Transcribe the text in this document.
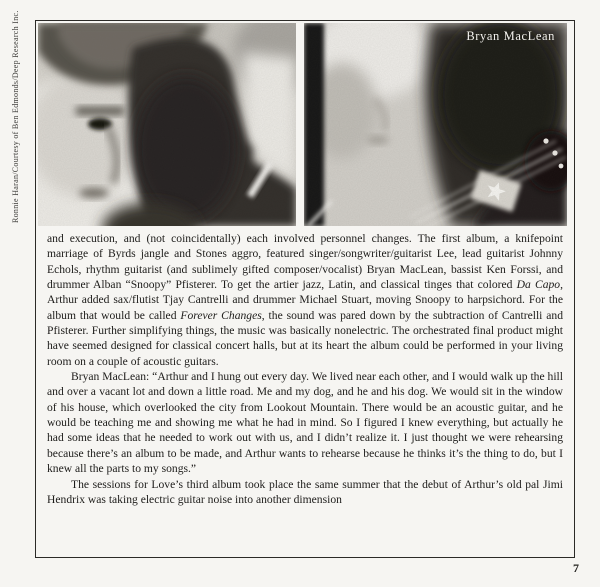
Ronnie Haran/Courtesy of Ben Edmonds/Deep Research Inc.	Bryan MacLean

and execution, and (not coincidentally) each involved personnel changes. The first album, a knifepoint marriage of Byrds jangle and Stones aggro, featured singer/songwriter/guitarist Lee, lead guitarist Johnny Echols, rhythm guitarist (and sublimely gifted composer/vocalist) Bryan MacLean, bassist Ken Forssi, and drummer Alban “Snoopy” Pfisterer. To get the artier jazz, Latin, and classical tinges that colored Da Capo, Arthur added sax/flutist Tjay Cantrelli and drummer Michael Stuart, moving Snoopy to harpsichord. For the album that would be called Forever Changes, the sound was pared down by the subtraction of Cantrelli and Pfisterer. Further simplifying things, the music was basically nonelectric. The orchestrated final product might have seemed designed for classical concert halls, but at its heart the album could be performed in your living room on a couple of acoustic guitars.

Bryan MacLean: “Arthur and I hung out every day. We lived near each other, and I would walk up the hill and over a vacant lot and down a little road. Me and my dog, and he and his dog. We would sit in the window of his house, which overlooked the city from Lookout Mountain. There would be an acoustic guitar, and he would be teaching me and showing me what he had in mind. So I figured I knew everything, but actually he had some ideas that he needed to work out with us, and I didn’t realize it. I just thought we were rehearsing because there’s an album to be made, and Arthur wants to rehearse because he thinks it’s the thing to do, but I knew all the parts to my songs.”

The sessions for Love’s third album took place the same summer that the debut of Arthur’s old pal Jimi Hendrix was taking electric guitar noise into another dimension

7
